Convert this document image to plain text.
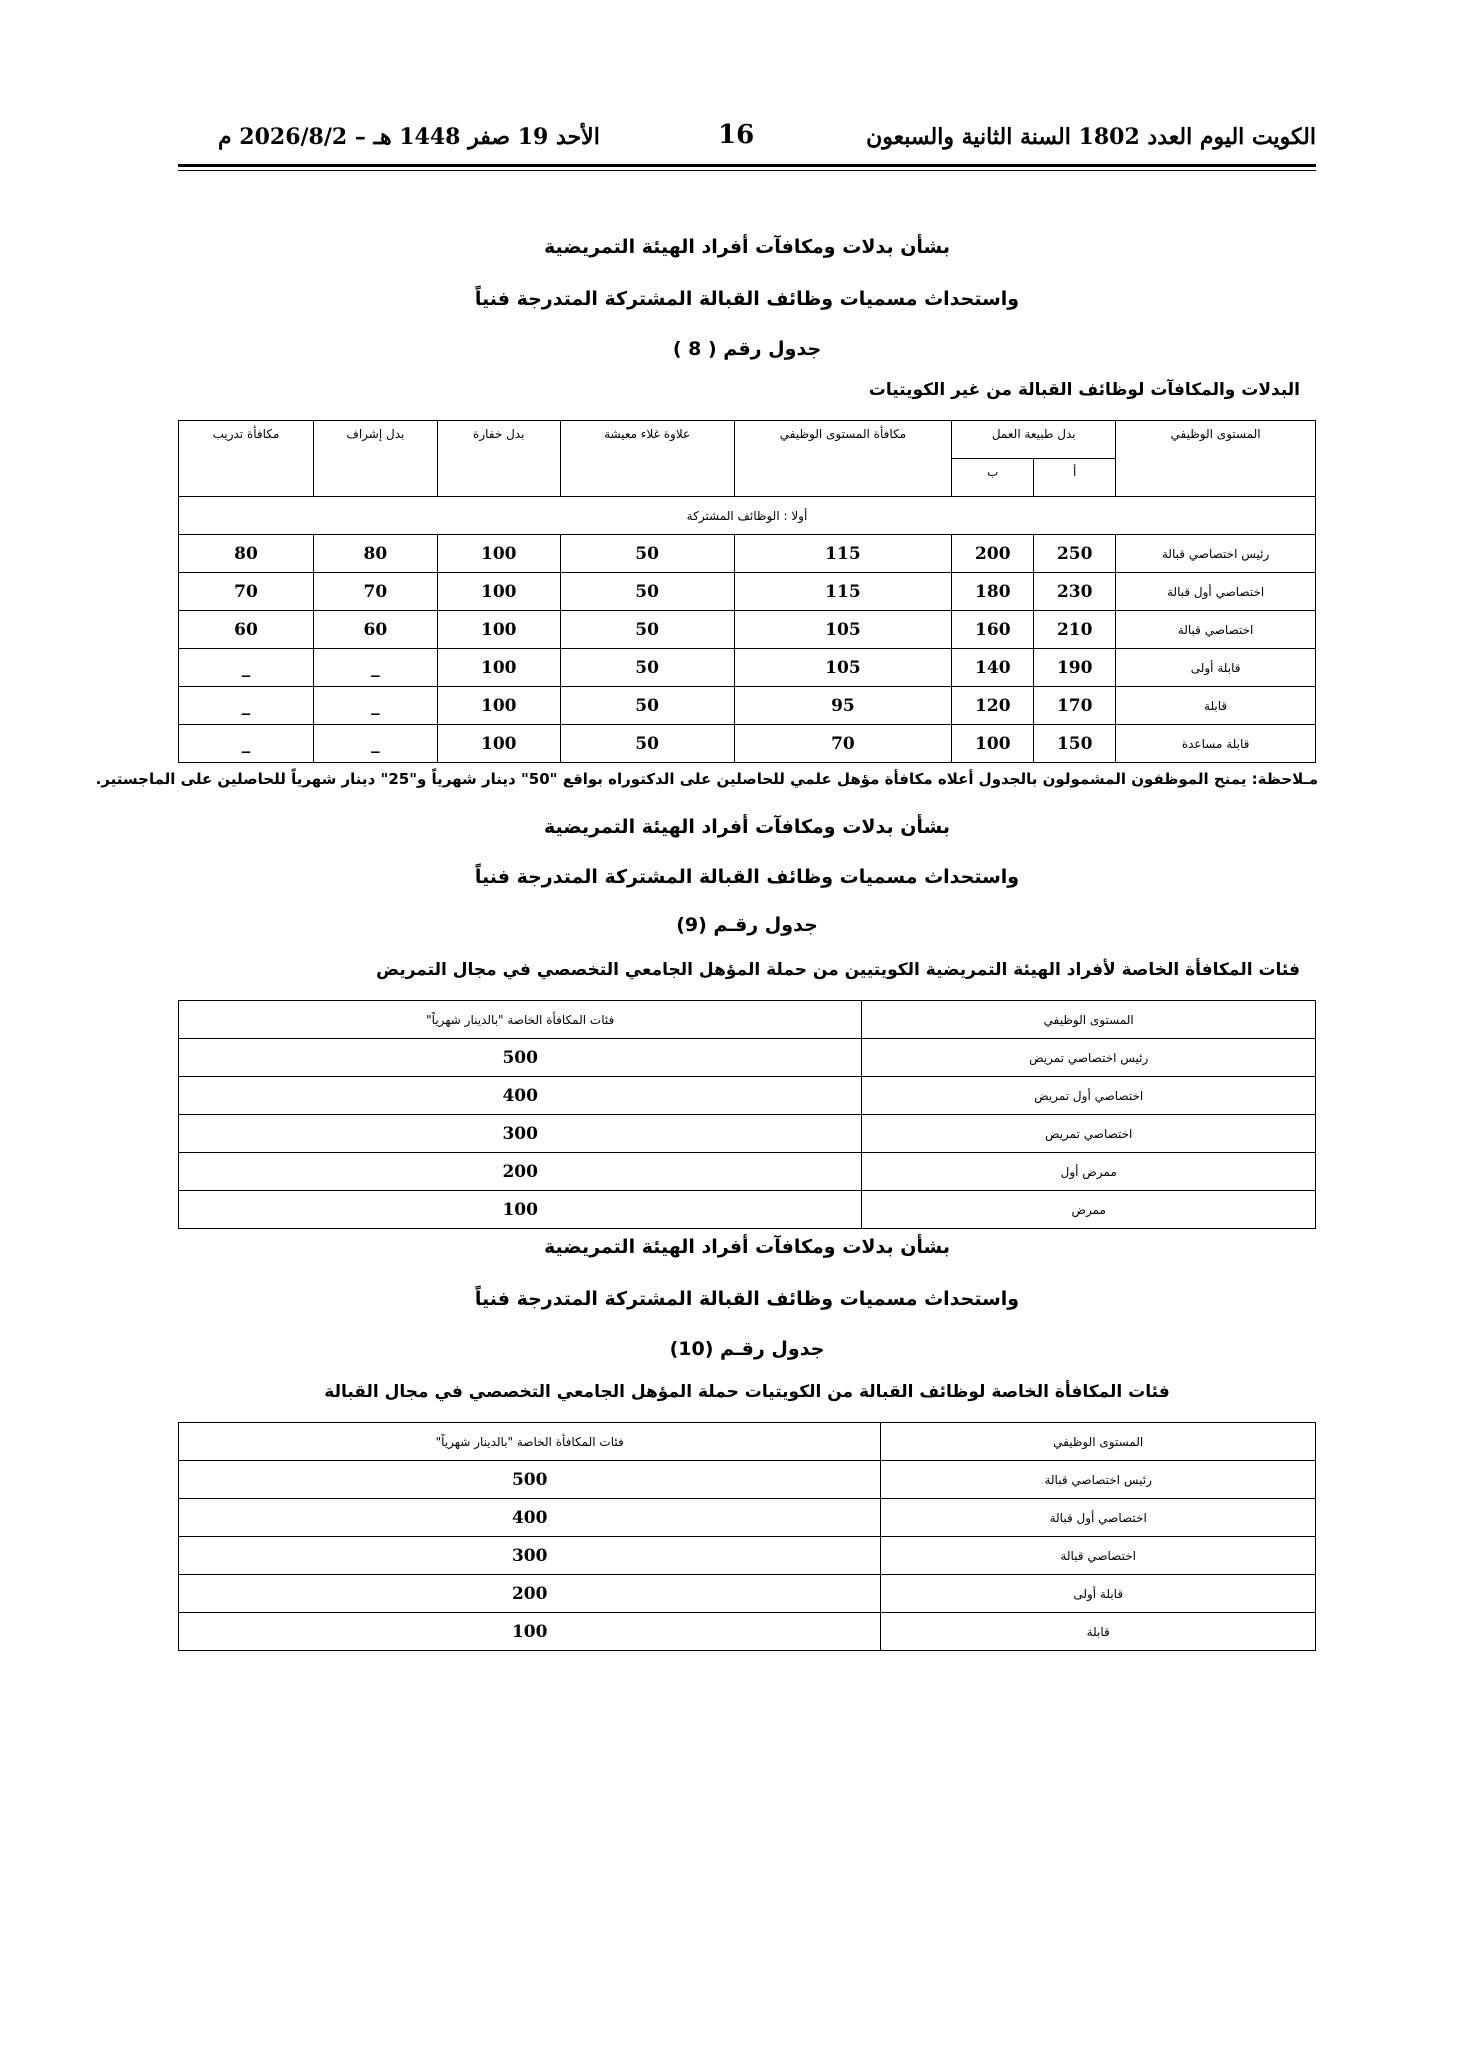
الكويت اليوم العدد 1802 السنة الثانية والسبعون
16
الأحد 19 صفر 1448 هـ – 2026/8/2 م
بشأن بدلات ومكافآت أفراد الهيئة التمريضية
واستحداث مسميات وظائف القبالة المشتركة المتدرجة فنياً
جدول رقم ( 8 )
البدلات والمكافآت لوظائف القبالة من غير الكويتيات
المستوى الوظيفي	بدل طبيعة العمل		مكافأة المستوى الوظيفي	علاوة غلاء معيشة	بدل خفارة	بدل إشراف	مكافأة تدريب
	أ	ب					
أولا : الوظائف المشتركة							
رئيس اختصاصي قبالة	250	200	115	50	100	80	80
اختصاصي أول قبالة	230	180	115	50	100	70	70
اختصاصي قبالة	210	160	105	50	100	60	60
قابلة أولى	190	140	105	50	100	_	_
قابلة	170	120	95	50	100	_	_
قابلة مساعدة	150	100	70	50	100	_	_
مـلاحظة: يمنح الموظفون المشمولون بالجدول أعلاه مكافأة مؤهل علمي للحاصلين على الدكتوراه بواقع "50" دينار شهرياً و"25" دينار شهرياً للحاصلين على الماجستير.
بشأن بدلات ومكافآت أفراد الهيئة التمريضية
واستحداث مسميات وظائف القبالة المشتركة المتدرجة فنياً
جدول رقـم (9)
فئات المكافأة الخاصة لأفراد الهيئة التمريضية الكويتيين من حملة المؤهل الجامعي التخصصي في مجال التمريض
المستوى الوظيفي	فئات المكافأة الخاصة "بالدينار شهرياً"
رئيس اختصاصي تمريض	500
اختصاصي أول تمريض	400
اختصاصي تمريض	300
ممرض أول	200
ممرض	100
بشأن بدلات ومكافآت أفراد الهيئة التمريضية
واستحداث مسميات وظائف القبالة المشتركة المتدرجة فنياً
جدول رقـم (10)
فئات المكافأة الخاصة لوظائف القبالة من الكويتيات حملة المؤهل الجامعي التخصصي في مجال القبالة
المستوى الوظيفي	فئات المكافأة الخاصة "بالدينار شهرياً"
رئيس اختصاصي قبالة	500
اختصاصي أول قبالة	400
اختصاصي قبالة	300
قابلة أولى	200
قابلة	100
